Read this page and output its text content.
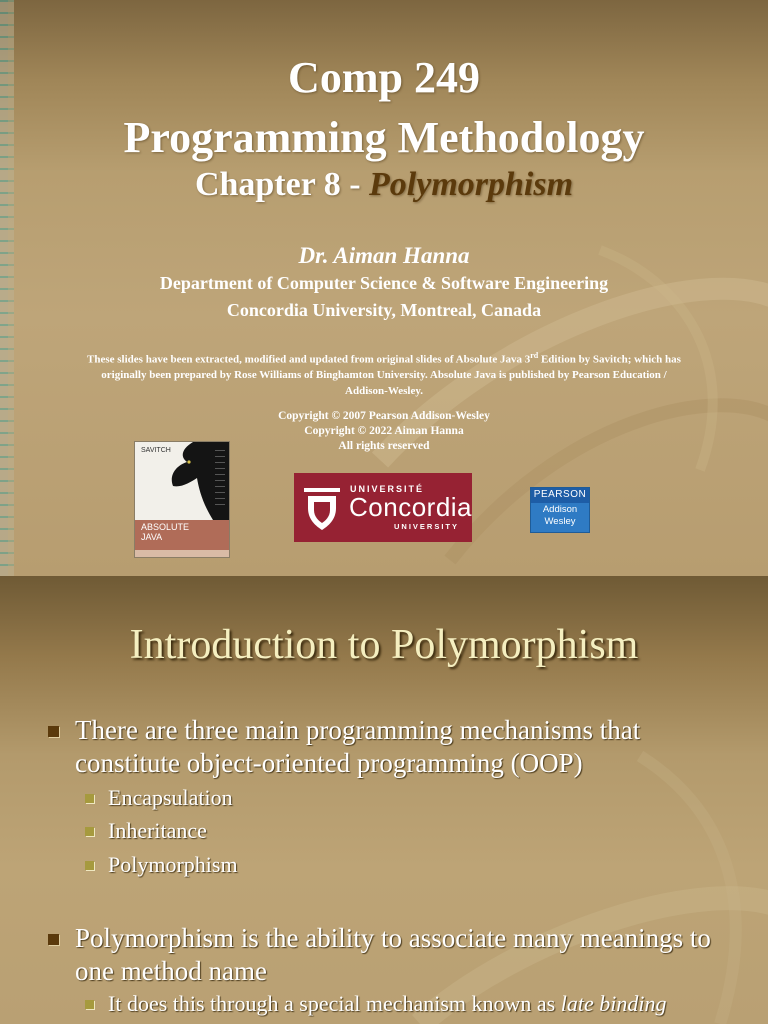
Comp 249
Programming Methodology
Chapter 8 - Polymorphism
Dr. Aiman Hanna
Department of Computer Science & Software Engineering
Concordia University, Montreal, Canada
These slides have been extracted, modified and updated from original slides of Absolute Java 3rd Edition by Savitch; which has originally been prepared by Rose Williams of Binghamton University. Absolute Java is published by Pearson Education / Addison-Wesley.
Copyright © 2007 Pearson Addison-Wesley
Copyright © 2022 Aiman Hanna
All rights reserved
SAVITCH
ABSOLUTE
JAVA
UNIVERSITÉ
Concordia
UNIVERSITY
PEARSON
Addison
Wesley
Introduction to Polymorphism
There are three main programming mechanisms that constitute object-oriented programming (OOP)
Encapsulation
Inheritance
Polymorphism
Polymorphism is the ability to associate many meanings to one method name
It does this through a special mechanism known as late binding
